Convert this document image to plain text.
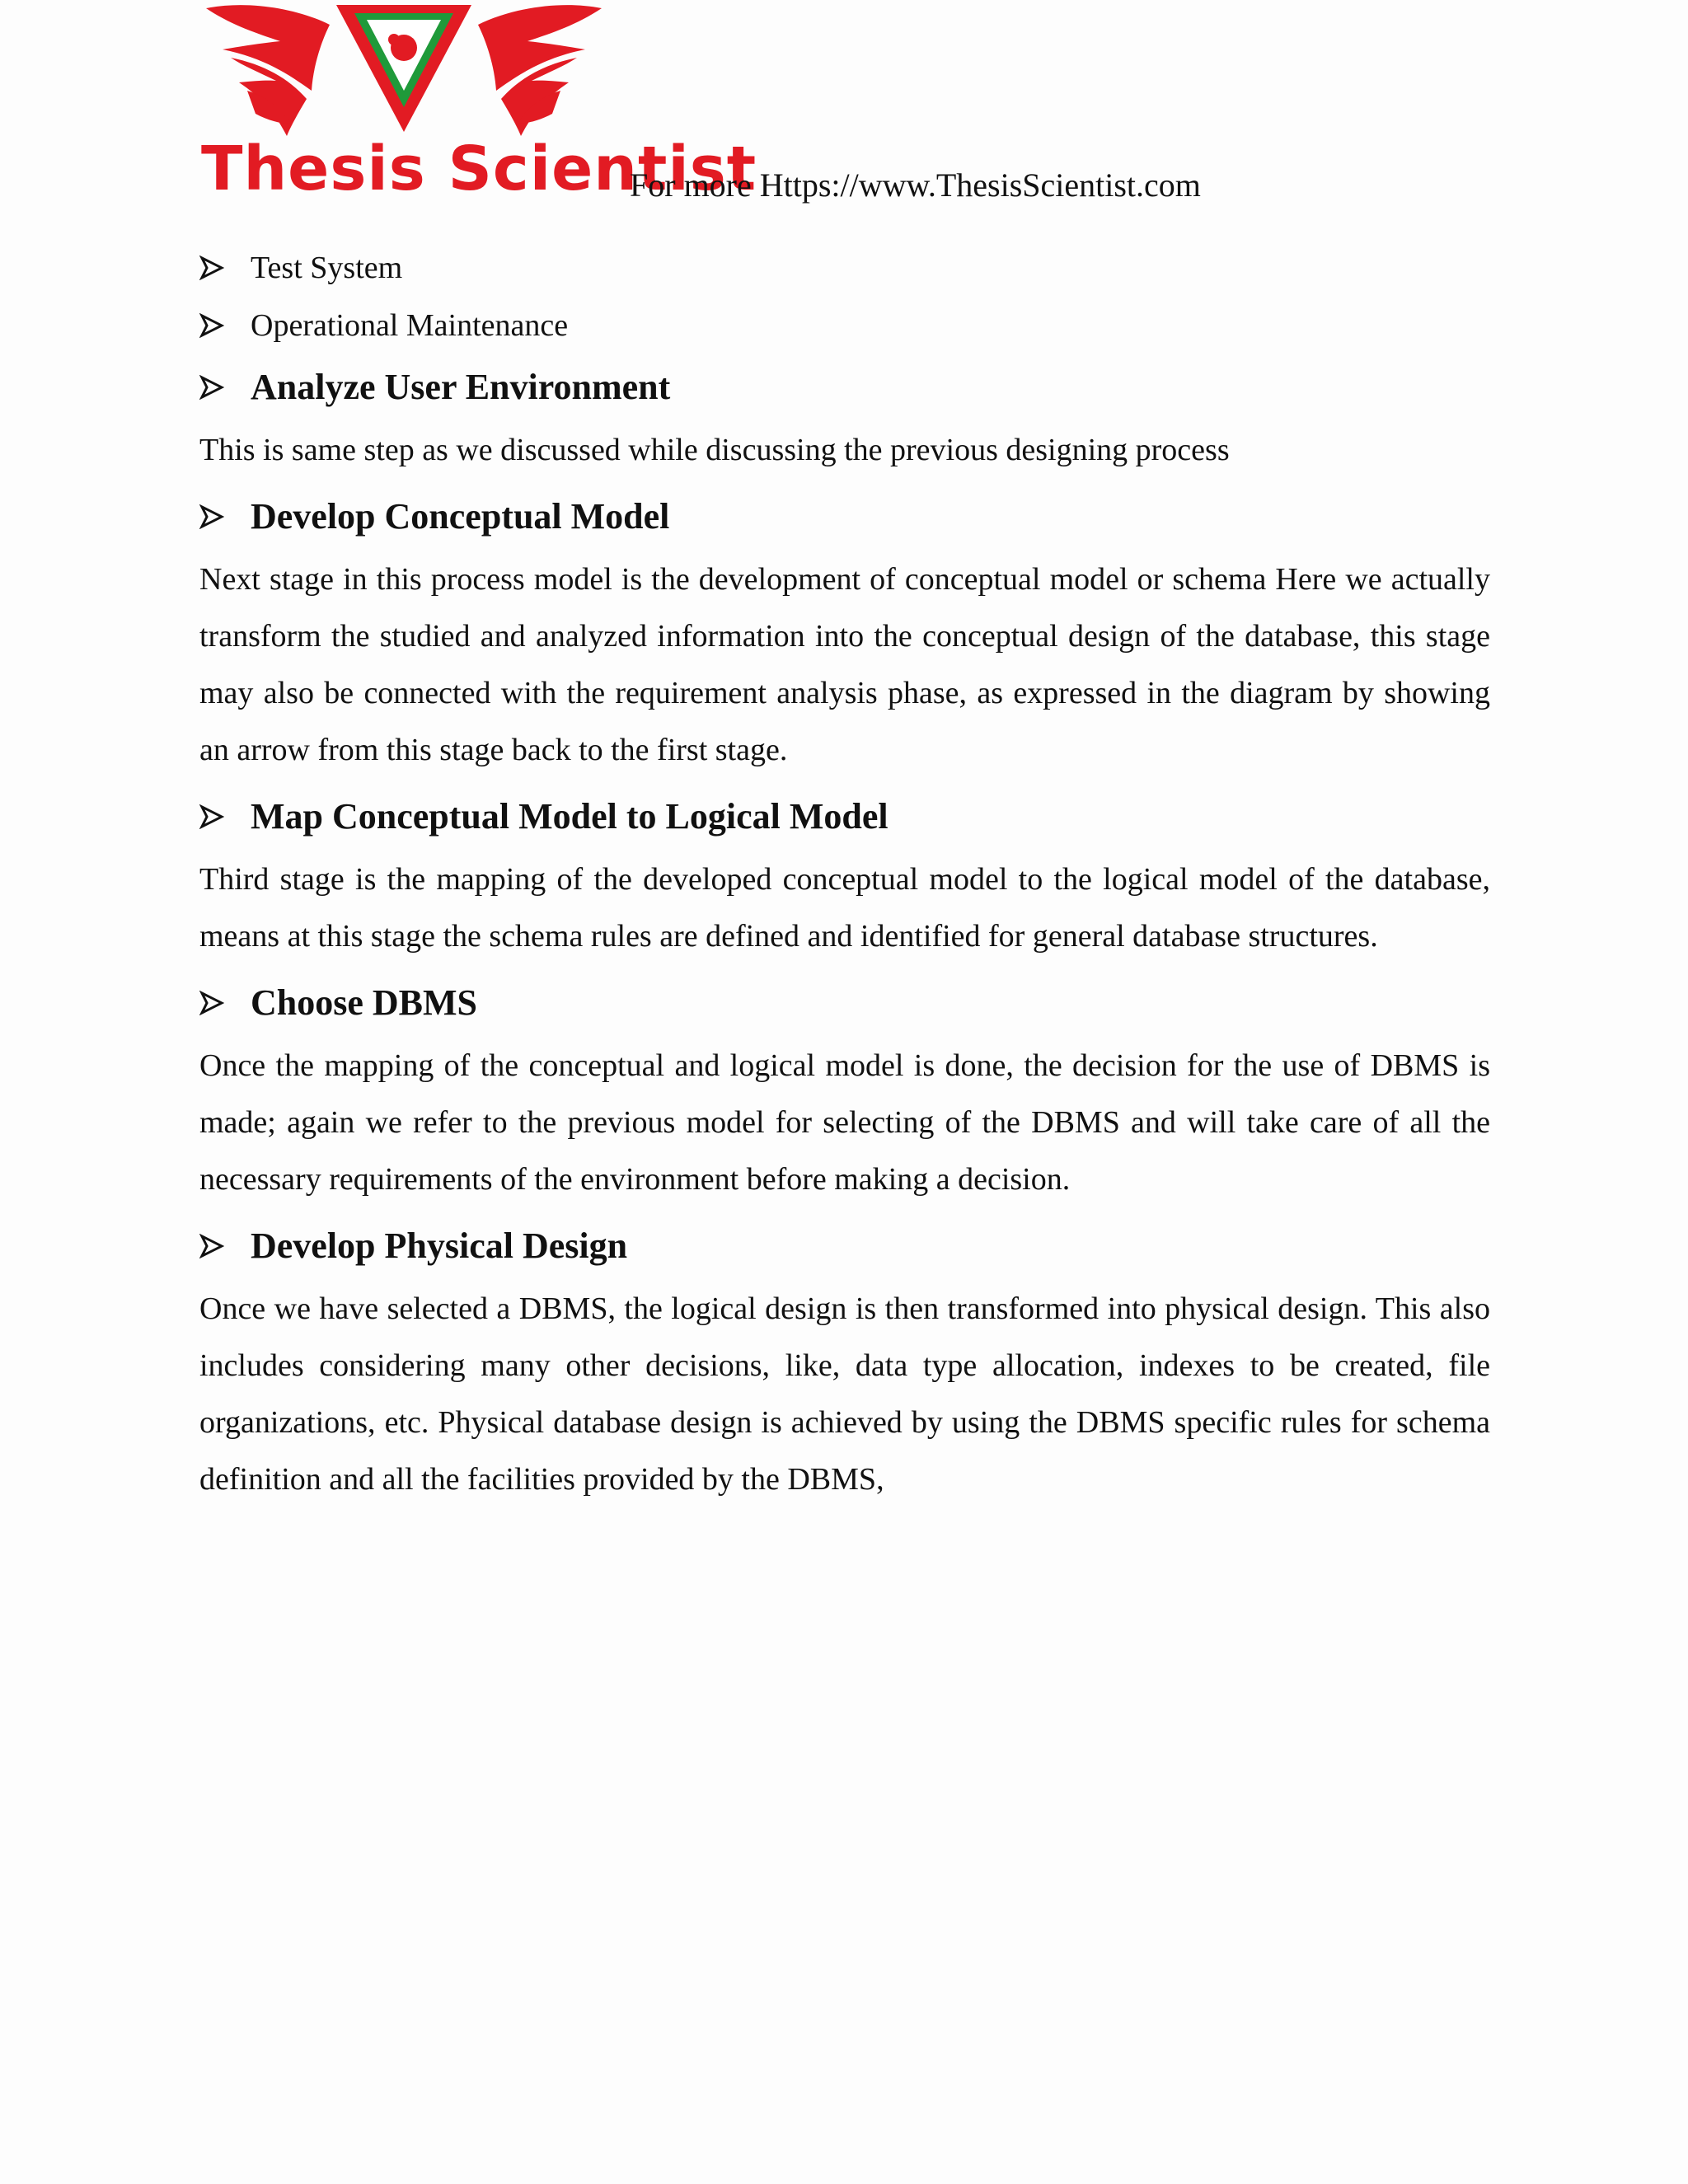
Thesis Scientist
For more Https://www.ThesisScientist.com
Test System
Operational Maintenance
Analyze User Environment

This is same step as we discussed while discussing the previous designing process

Develop Conceptual Model

Next stage in this process model is the development of conceptual model or schema Here we actually transform the studied and analyzed information into the conceptual design of the database, this stage may also be connected with the requirement analysis phase, as expressed in the diagram by showing an arrow from this stage back to the first stage.

Map Conceptual Model to Logical Model

Third stage is the mapping of the developed conceptual model to the logical model of the database, means at this stage the schema rules are defined and identified for general database structures.

Choose DBMS

Once the mapping of the conceptual and logical model is done, the decision for the use of DBMS is made; again we refer to the previous model for selecting of the DBMS and will take care of all the necessary requirements of the environment before making a decision.

Develop Physical Design

Once we have selected a DBMS, the logical design is then transformed into physical design. This also includes considering many other decisions, like, data type allocation, indexes to be created, file organizations, etc. Physical database design is achieved by using the DBMS specific rules for schema definition and all the facilities provided by the DBMS,
